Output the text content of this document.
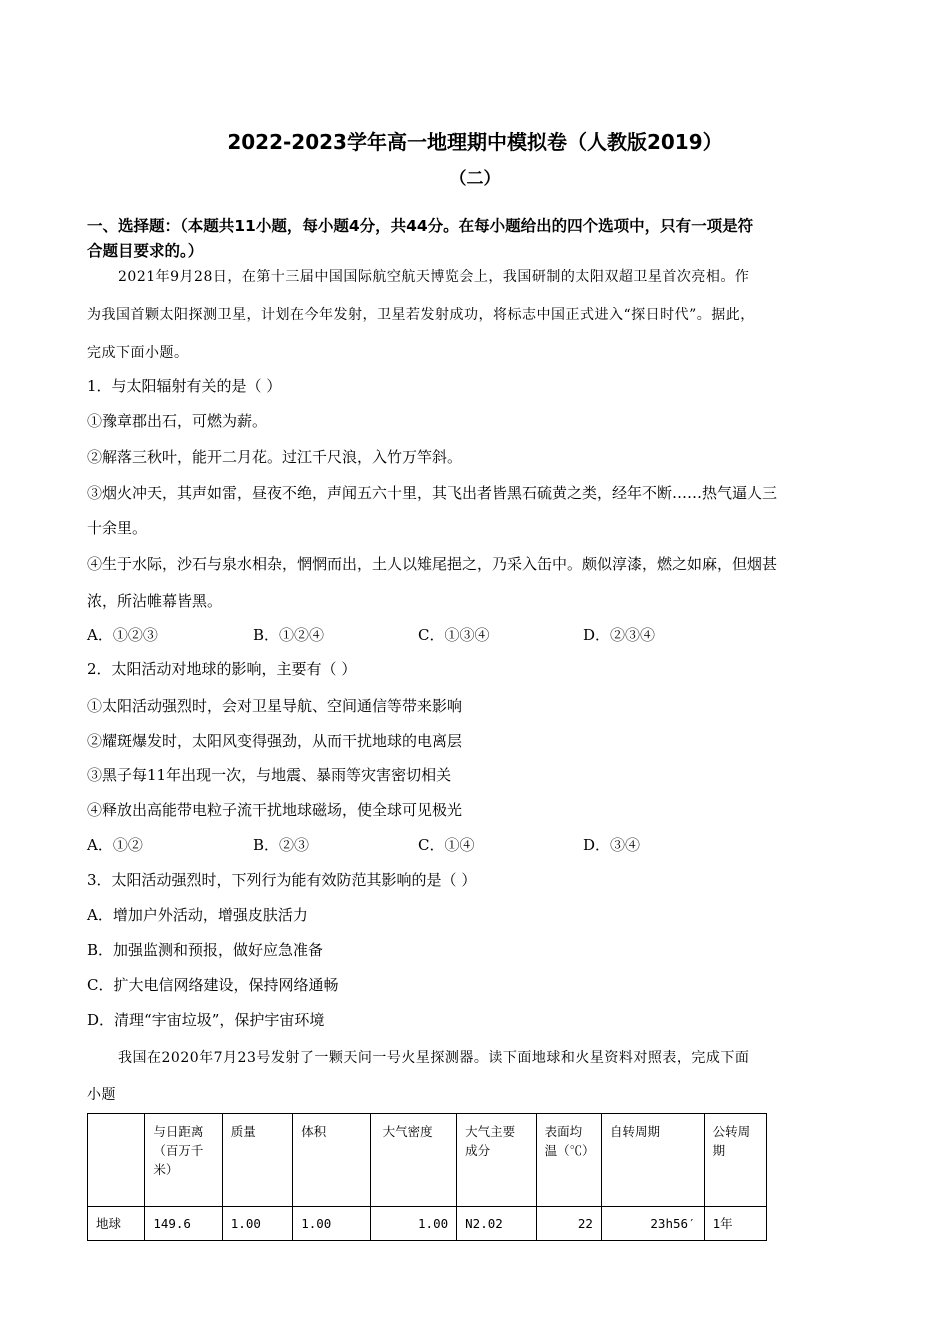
2022-2023学年高一地理期中模拟卷（人教版2019）
（二）
一、选择题：（本题共11小题，每小题4分，共44分。在每小题给出的四个选项中，只有一项是符
合题目要求的。）
2021年9月28日，在第十三届中国国际航空航天博览会上，我国研制的太阳双超卫星首次亮相。作
为我国首颗太阳探测卫星，计划在今年发射，卫星若发射成功，将标志中国正式进入“探日时代”。据此，
完成下面小题。
1．与太阳辐射有关的是（ ）
①豫章郡出石，可燃为薪。
②解落三秋叶，能开二月花。过江千尺浪，入竹万竿斜。
③烟火冲天，其声如雷，昼夜不绝，声闻五六十里，其飞出者皆黑石硫黄之类，经年不断……热气逼人三
十余里。
④生于水际，沙石与泉水相杂，惘惘而出，土人以雉尾挹之，乃采入缶中。颇似淳漆，燃之如麻，但烟甚
浓，所沾帷幕皆黑。
A．①②③	B．①②④	C．①③④	D．②③④
2．太阳活动对地球的影响，主要有（ ）
①太阳活动强烈时，会对卫星导航、空间通信等带来影响
②耀斑爆发时，太阳风变得强劲，从而干扰地球的电离层
③黑子每11年出现一次，与地震、暴雨等灾害密切相关
④释放出高能带电粒子流干扰地球磁场，使全球可见极光
A．①②	B．②③	C．①④	D．③④
3．太阳活动强烈时，下列行为能有效防范其影响的是（ ）
A．增加户外活动，增强皮肤活力
B．加强监测和预报，做好应急准备
C．扩大电信网络建设，保持网络通畅
D．清理“宇宙垃圾”，保护宇宙环境
我国在2020年7月23号发射了一颗天问一号火星探测器。读下面地球和火星资料对照表，完成下面
小题
	与日距离（百万千米）	质量	体积	大气密度	大气主要成分	表面均温（℃）	自转周期	公转周期
地球	149.6	1.00	1.00	1.00	N2.02	22	23h56′	1年
